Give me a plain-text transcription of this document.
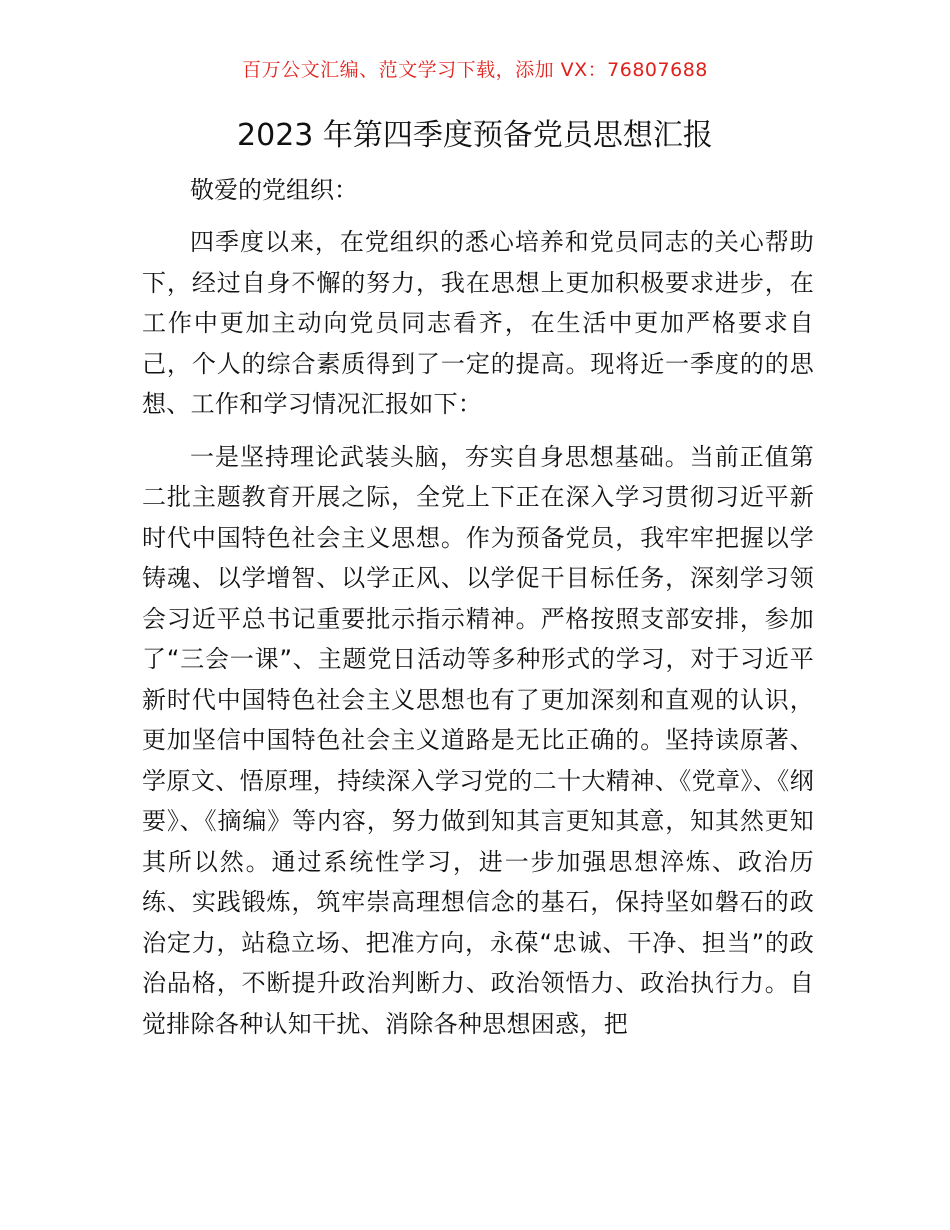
百万公文汇编、范文学习下载，添加 VX：76807688
2023 年第四季度预备党员思想汇报

敬爱的党组织：

四季度以来，在党组织的悉心培养和党员同志的关心帮助下，经过自身不懈的努力，我在思想上更加积极要求进步，在工作中更加主动向党员同志看齐，在生活中更加严格要求自己，个人的综合素质得到了一定的提高。现将近一季度的的思想、工作和学习情况汇报如下：

一是坚持理论武装头脑，夯实自身思想基础。当前正值第二批主题教育开展之际，全党上下正在深入学习贯彻习近平新时代中国特色社会主义思想。作为预备党员，我牢牢把握以学铸魂、以学增智、以学正风、以学促干目标任务，深刻学习领会习近平总书记重要批示指示精神。严格按照支部安排，参加了“三会一课”、主题党日活动等多种形式的学习，对于习近平新时代中国特色社会主义思想也有了更加深刻和直观的认识，更加坚信中国特色社会主义道路是无比正确的。坚持读原著、学原文、悟原理，持续深入学习党的二十大精神、《党章》、《纲要》、《摘编》等内容，努力做到知其言更知其意，知其然更知其所以然。通过系统性学习，进一步加强思想淬炼、政治历练、实践锻炼，筑牢崇高理想信念的基石，保持坚如磐石的政治定力，站稳立场、把准方向，永葆“忠诚、干净、担当”的政治品格，不断提升政治判断力、政治领悟力、政治执行力。自觉排除各种认知干扰、消除各种思想困惑，把
